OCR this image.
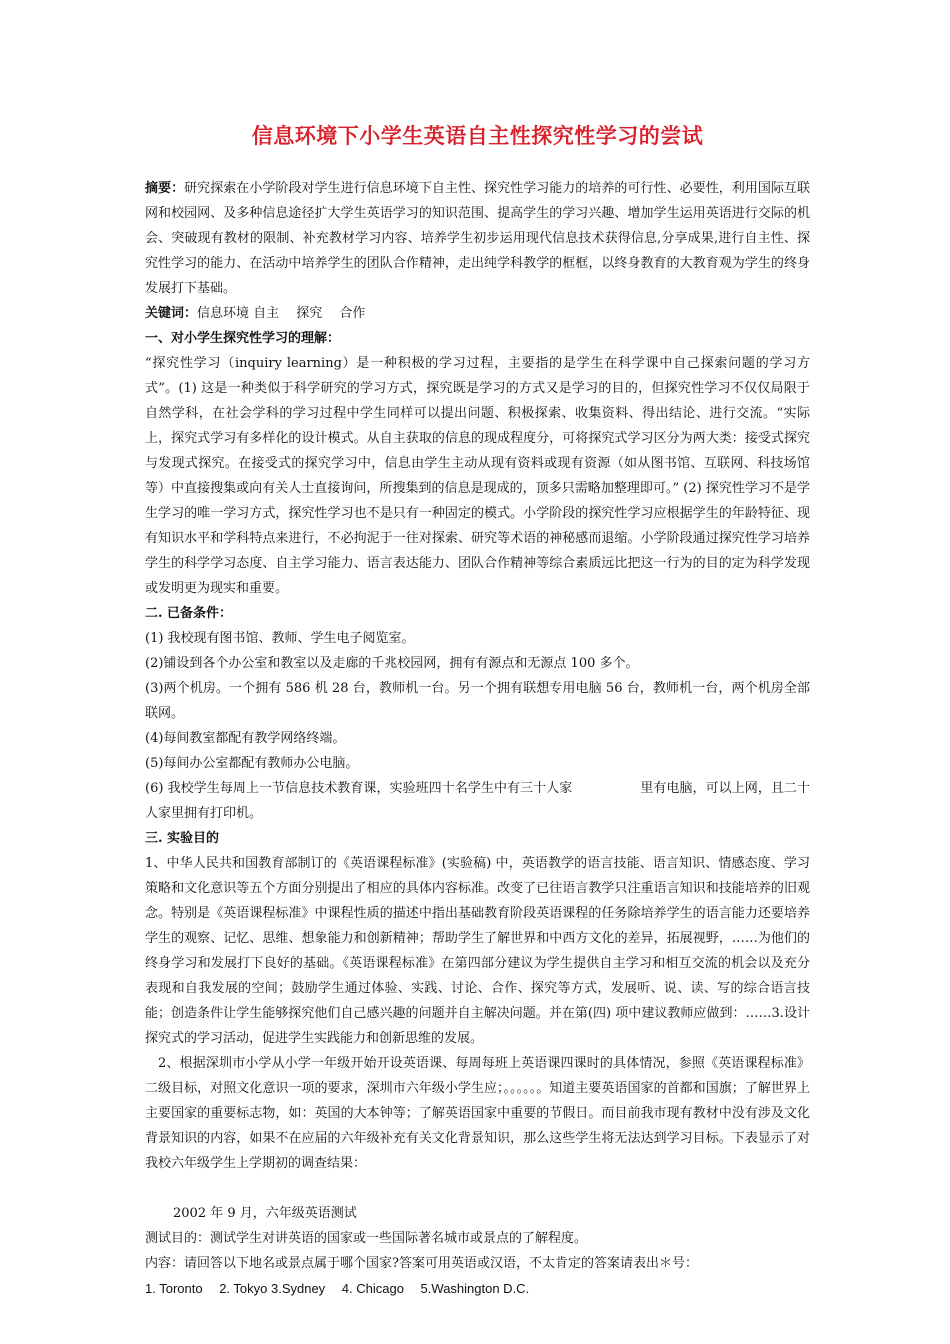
信息环境下小学生英语自主性探究性学习的尝试

摘要：研究探索在小学阶段对学生进行信息环境下自主性、探究性学习能力的培养的可行性、必要性，利用国际互联网和校园网、及多种信息途径扩大学生英语学习的知识范围、提高学生的学习兴趣、增加学生运用英语进行交际的机会、突破现有教材的限制、补充教材学习内容、培养学生初步运用现代信息技术获得信息,分享成果,进行自主性、探究性学习的能力、在活动中培养学生的团队合作精神，走出纯学科教学的框框，以终身教育的大教育观为学生的终身发展打下基础。

关键词：信息环境 自主　 探究　 合作

一、对小学生探究性学习的理解：

“探究性学习（inquiry learning）是一种积极的学习过程，主要指的是学生在科学课中自己探索问题的学习方式”。(1) 这是一种类似于科学研究的学习方式，探究既是学习的方式又是学习的目的，但探究性学习不仅仅局限于自然学科，在社会学科的学习过程中学生同样可以提出问题、积极探索、收集资料、得出结论、进行交流。“实际上，探究式学习有多样化的设计模式。从自主获取的信息的现成程度分，可将探究式学习区分为两大类：接受式探究与发现式探究。在接受式的探究学习中，信息由学生主动从现有资料或现有资源（如从图书馆、互联网、科技场馆等）中直接搜集或向有关人士直接询问，所搜集到的信息是现成的，顶多只需略加整理即可。” (2) 探究性学习不是学生学习的唯一学习方式，探究性学习也不是只有一种固定的模式。小学阶段的探究性学习应根据学生的年龄特征、现有知识水平和学科特点来进行，不必拘泥于一往对探索、研究等术语的神秘感而退缩。小学阶段通过探究性学习培养学生的科学学习态度、自主学习能力、语言表达能力、团队合作精神等综合素质远比把这一行为的目的定为科学发现或发明更为现实和重要。

二. 已备条件：

(1) 我校现有图书馆、教师、学生电子阅览室。

(2)铺设到各个办公室和教室以及走廊的千兆校园网，拥有有源点和无源点 100 多个。

(3)两个机房。一个拥有 586 机 28 台，教师机一台。另一个拥有联想专用电脑 56 台，教师机一台，两个机房全部联网。

(4)每间教室都配有教学网络终端。

(5)每间办公室都配有教师办公电脑。

(6) 我校学生每周上一节信息技术教育课，实验班四十名学生中有三十人家	里有电脑，可以上网，且二十人家里拥有打印机。

三. 实验目的

1、中华人民共和国教育部制订的《英语课程标准》(实验稿) 中，英语教学的语言技能、语言知识、情感态度、学习策略和文化意识等五个方面分别提出了相应的具体内容标准。改变了已往语言教学只注重语言知识和技能培养的旧观念。特别是《英语课程标准》中课程性质的描述中指出基础教育阶段英语课程的任务除培养学生的语言能力还要培养学生的观察、记忆、思维、想象能力和创新精神；帮助学生了解世界和中西方文化的差异，拓展视野，……为他们的终身学习和发展打下良好的基础。《英语课程标准》在第四部分建议为学生提供自主学习和相互交流的机会以及充分表现和自我发展的空间；鼓励学生通过体验、实践、讨论、合作、探究等方式，发展听、说、读、写的综合语言技能；创造条件让学生能够探究他们自己感兴趣的问题并自主解决问题。并在第(四) 项中建议教师应做到：……3.设计探究式的学习活动，促进学生实践能力和创新思维的发展。

2、根据深圳市小学从小学一年级开始开设英语课、每周每班上英语课四课时的具体情况，参照《英语课程标准》二级目标，对照文化意识一项的要求，深圳市六年级小学生应；。。。。。。知道主要英语国家的首都和国旗；了解世界上主要国家的重要标志物，如：英国的大本钟等；了解英语国家中重要的节假日。而目前我市现有教材中没有涉及文化背景知识的内容，如果不在应届的六年级补充有关文化背景知识，那么这些学生将无法达到学习目标。下表显示了对我校六年级学生上学期初的调查结果：

2002 年 9 月，六年级英语测试

测试目的：测试学生对讲英语的国家或一些国际著名城市或景点的了解程度。

内容：请回答以下地名或景点属于哪个国家?答案可用英语或汉语，不太肯定的答案请表出＊号：

1. Toronto　 2. Tokyo 3.Sydney　 4. Chicago　 5.Washington D.C.
